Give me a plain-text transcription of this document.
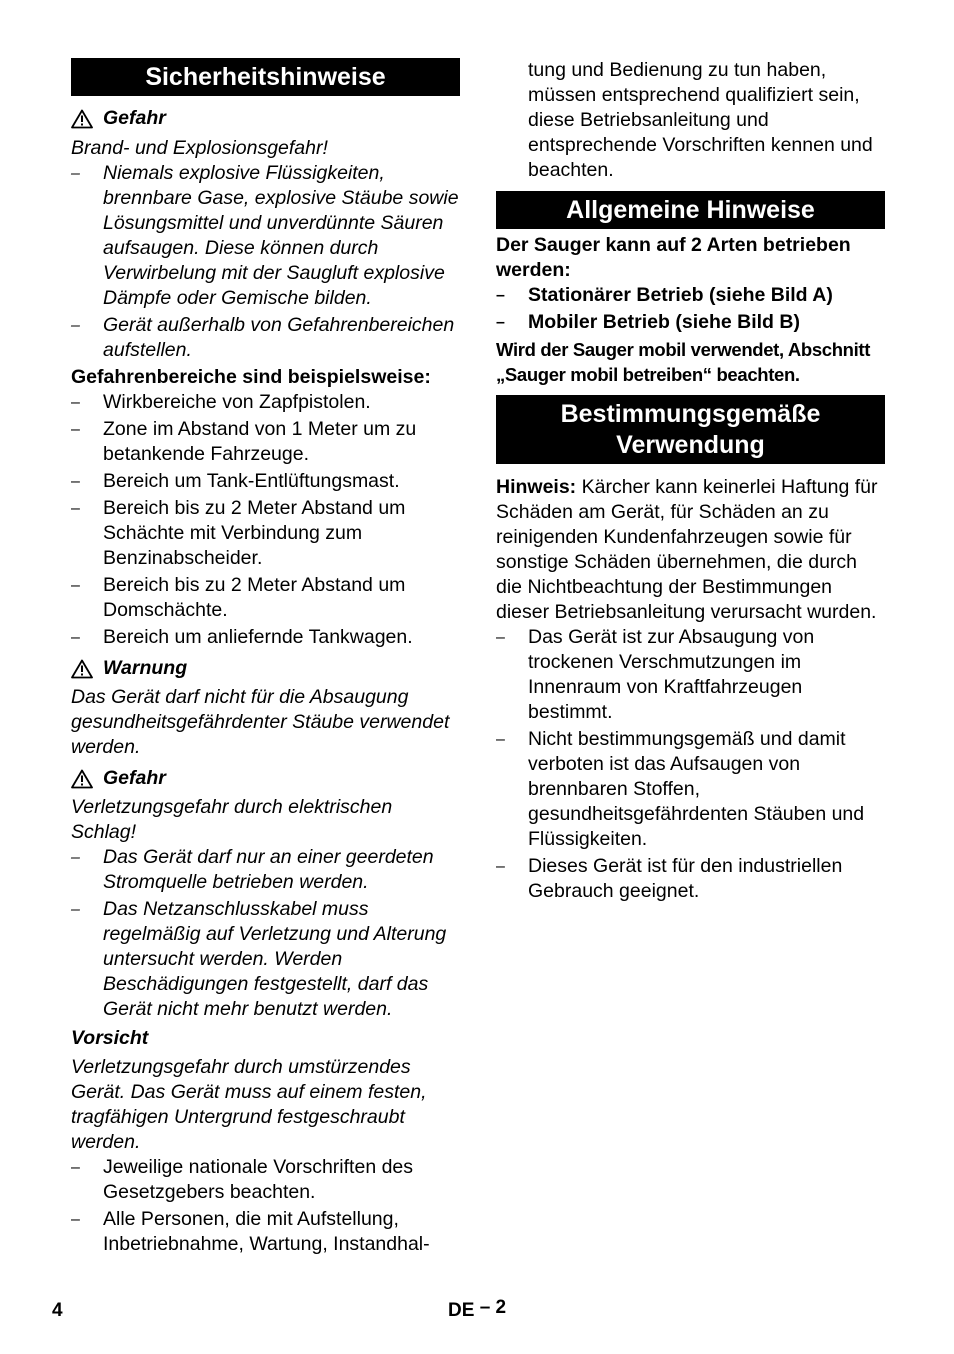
Sicherheitshinweise
Gefahr

Brand- und Explosionsgefahr!

–	Niemals explosive Flüssigkeiten, brennbare Gase, explosive Stäube sowie Lösungsmittel und unverdünnte Säuren aufsaugen. Diese können durch Verwirbelung mit der Saugluft explosive Dämpfe oder Gemische bilden.
–	Gerät außerhalb von Gefahrenbereichen aufstellen.

Gefahrenbereiche sind beispielsweise:

–	Wirkbereiche von Zapfpistolen.
–	Zone im Abstand von 1 Meter um zu betankende Fahrzeuge.
–	Bereich um Tank-Entlüftungsmast.
–	Bereich bis zu 2 Meter Abstand um Schächte mit Verbindung zum Benzinabscheider.
–	Bereich bis zu 2 Meter Abstand um Domschächte.
–	Bereich um anliefernde Tankwagen.
Warnung

Das Gerät darf nicht für die Absaugung gesundheitsgefährdenter Stäube verwendet werden.

Gefahr

Verletzungsgefahr durch elektrischen Schlag!

–	Das Gerät darf nur an einer geerdeten Stromquelle betrieben werden.
–	Das Netzanschlusskabel muss regelmäßig auf Verletzung und Alterung untersucht werden. Werden Beschädigungen festgestellt, darf das Gerät nicht mehr benutzt werden.

Vorsicht

Verletzungsgefahr durch umstürzendes Gerät. Das Gerät muss auf einem festen, tragfähigen Untergrund festgeschraubt werden.

–	Jeweilige nationale Vorschriften des Gesetzgebers beachten.
–	Alle Personen, die mit Aufstellung, Inbetriebnahme, Wartung, Instandhal-

tung und Bedienung zu tun haben, müssen entsprechend qualifiziert sein, diese Betriebsanleitung und entsprechende Vorschriften kennen und beachten.

Allgemeine Hinweise

Der Sauger kann auf 2 Arten betrieben werden:

–	Stationärer Betrieb (siehe Bild A)
–	Mobiler Betrieb (siehe Bild B)

Wird der Sauger mobil verwendet, Abschnitt „Sauger mobil betreiben“ beachten.

Bestimmungsgemäße
Verwendung

Hinweis: Kärcher kann keinerlei Haftung für Schäden am Gerät, für Schäden an zu reinigenden Kundenfahrzeugen sowie für sonstige Schäden übernehmen, die durch die Nichtbeachtung der Bestimmungen dieser Betriebsanleitung verursacht wurden.

–	Das Gerät ist zur Absaugung von trockenen Verschmutzungen im Innenraum von Kraftfahrzeugen bestimmt.
–	Nicht bestimmungsgemäß und damit verboten ist das Aufsaugen von brennbaren Stoffen, gesundheitsgefährdenten Stäuben und Flüssigkeiten.
–	Dieses Gerät ist für den industriellen Gebrauch geeignet.
4	DE – 2
